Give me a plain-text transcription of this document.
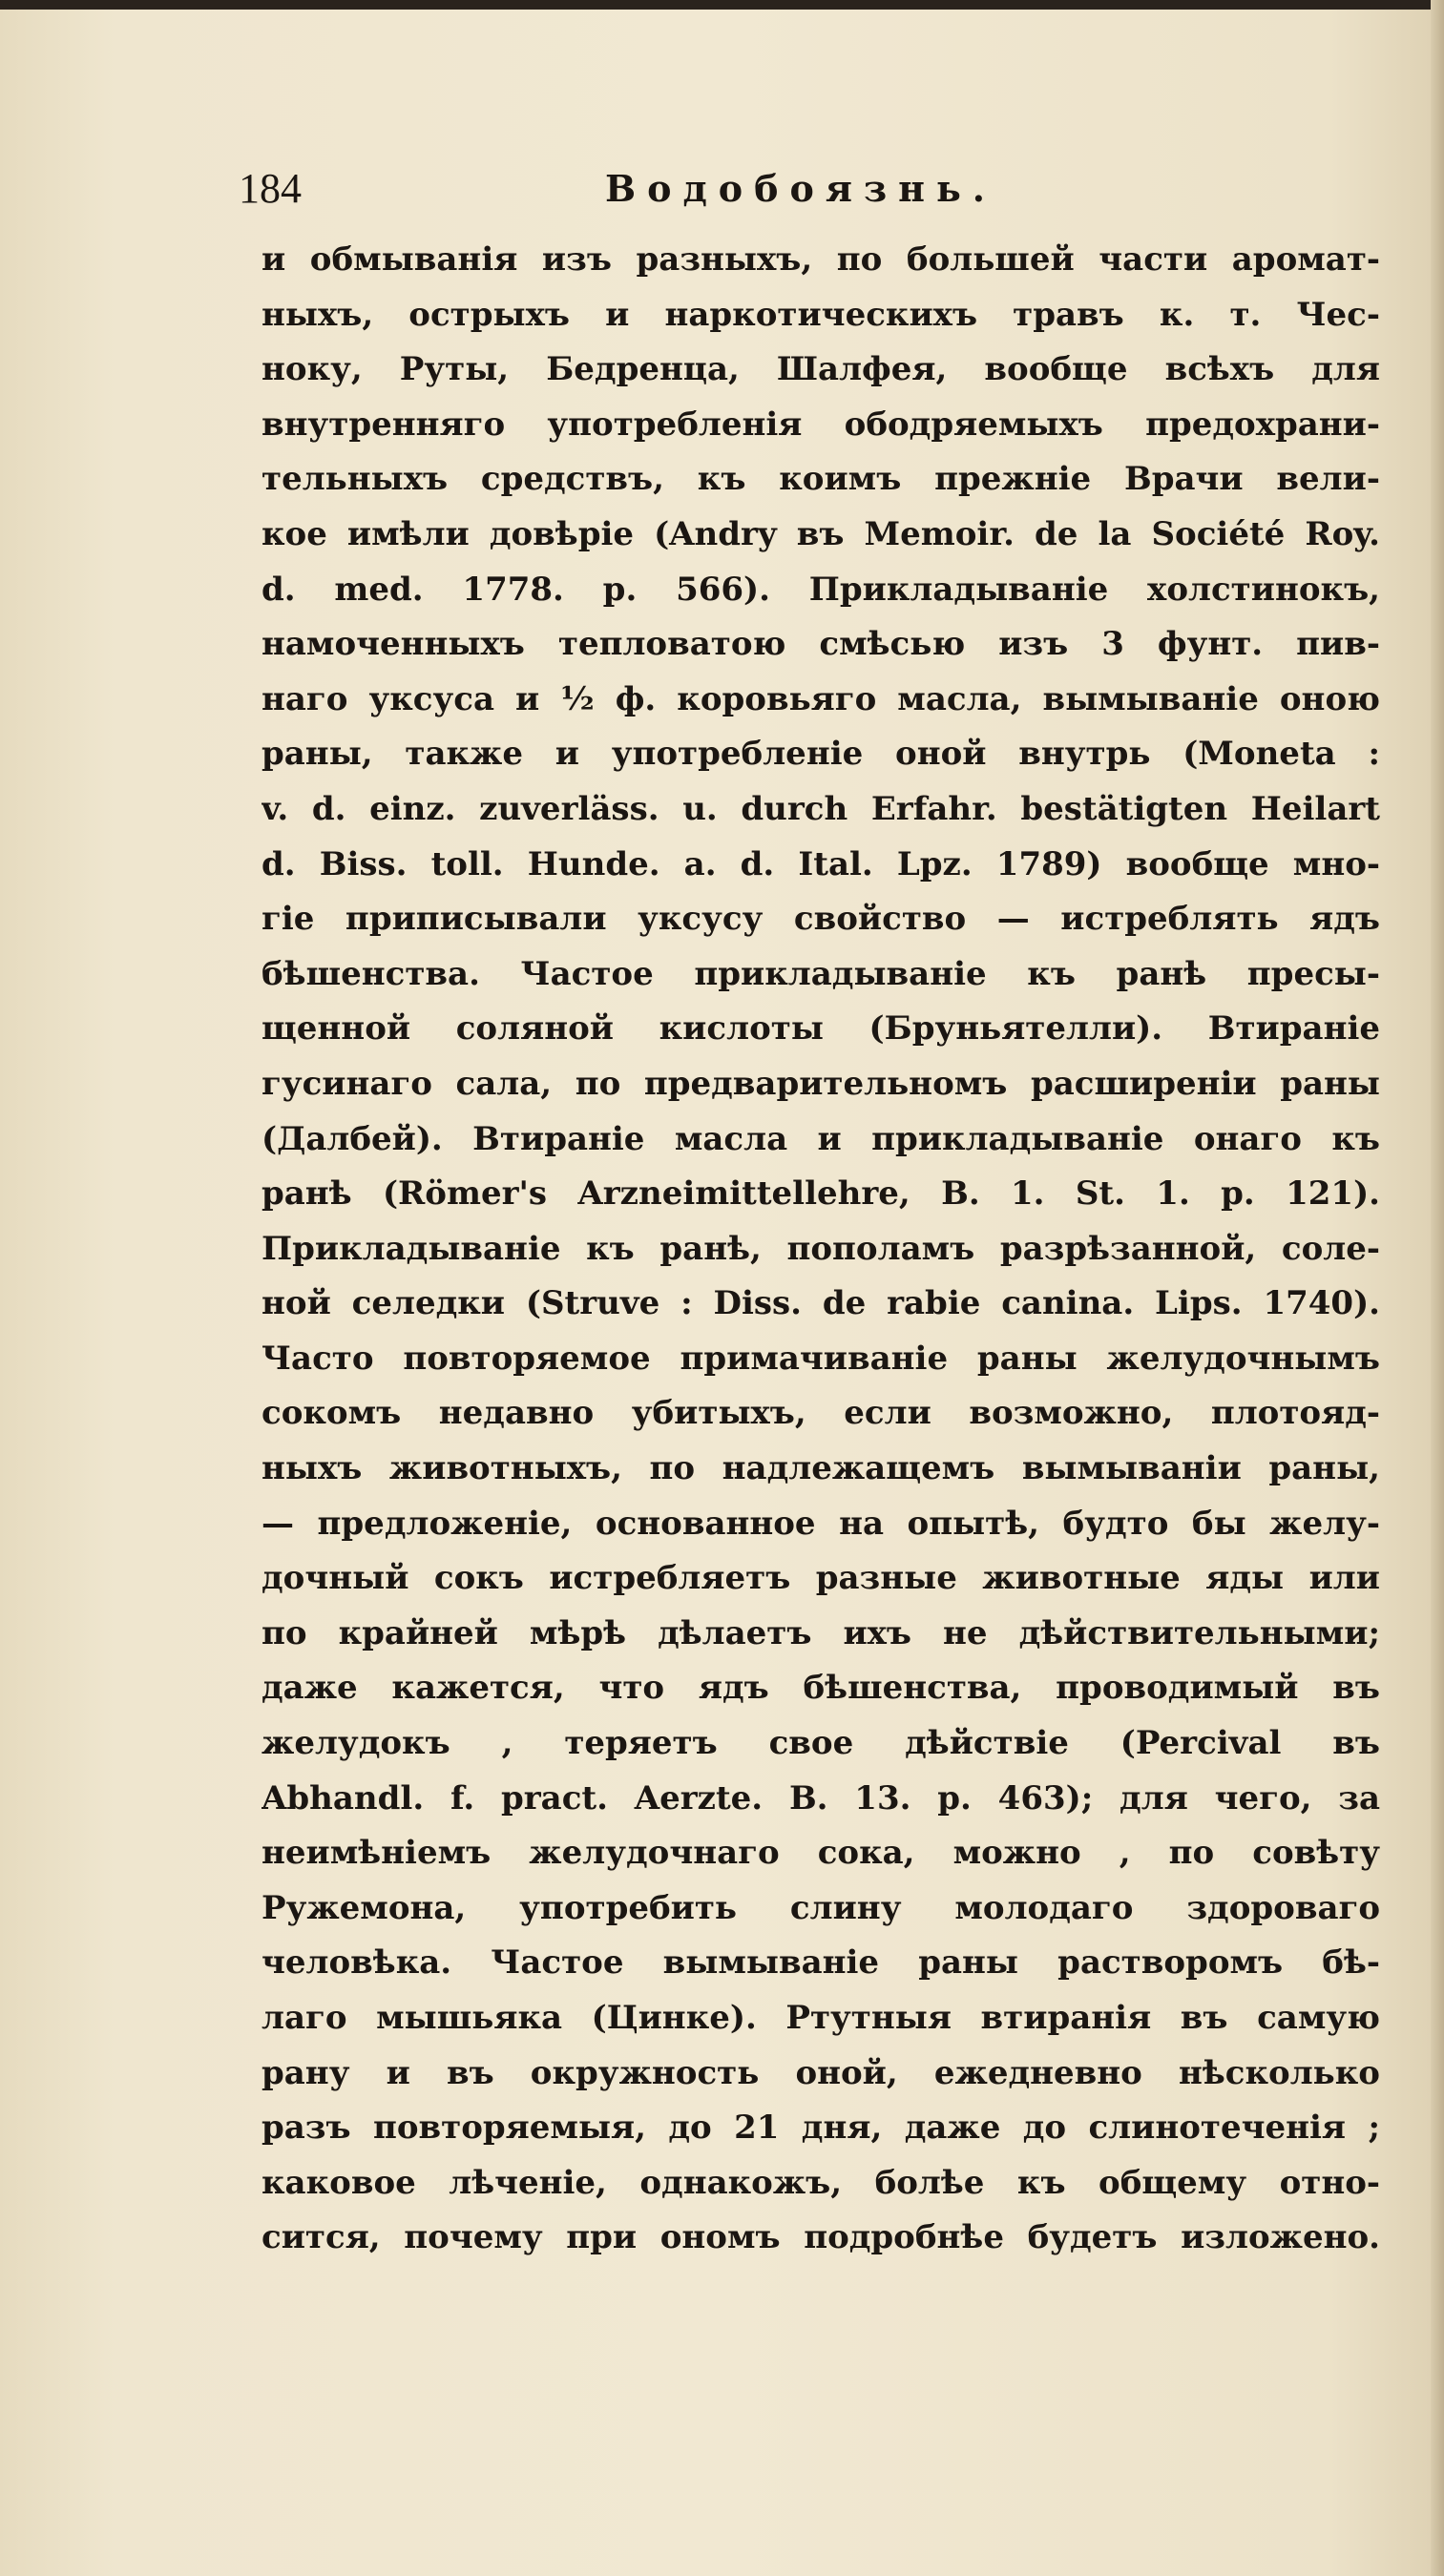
184	Водобоязнь.
и обмыванія изъ разныхъ, по большей части аромат-
ныхъ, острыхъ и наркотическихъ травъ к. т. Чес-
ноку, Руты, Бедренца, Шалфея, вообще всѣхъ для
внутренняго употребленія ободряемыхъ предохрани-
тельныхъ средствъ, къ коимъ прежніе Врачи вели-
кое имѣли довѣріе (Andry въ Memoir. de la Société Roy.
d. med. 1778. p. 566). Прикладываніе холстинокъ,
намоченныхъ тепловатою смѣсью изъ 3 фунт. пив-
наго уксуса и ½ ф. коровьяго масла, вымываніе оною
раны, также и употребленіе оной внутрь (Moneta :
v. d. einz. zuverläss. u. durch Erfahr. bestätigten Heilart
d. Biss. toll. Hunde. a. d. Ital. Lpz. 1789) вообще мно-
гіе приписывали уксусу свойство — истреблять ядъ
бѣшенства. Частое прикладываніе къ ранѣ пресы-
щенной соляной кислоты (Бруньятелли). Втираніе
гусинаго сала, по предварительномъ расширеніи раны
(Далбей). Втираніе масла и прикладываніе онаго къ
ранѣ (Römer's Arzneimittellehre, B. 1. St. 1. p. 121).
Прикладываніе къ ранѣ, пополамъ разрѣзанной, соле-
ной селедки (Struve : Diss. de rabie canina. Lips. 1740).
Часто повторяемое примачиваніе раны желудочнымъ
сокомъ недавно убитыхъ, если возможно, плотояд-
ныхъ животныхъ, по надлежащемъ вымываніи раны,
— предложеніе, основанное на опытѣ, будто бы желу-
дочный сокъ истребляетъ разные животные яды или
по крайней мѣрѣ дѣлаетъ ихъ не дѣйствительными;
даже кажется, что ядъ бѣшенства, проводимый въ
желудокъ , теряетъ свое дѣйствіе (Percival въ
Abhandl. f. pract. Aerzte. B. 13. p. 463); для чего, за
неимѣніемъ желудочнаго сока, можно , по совѣту
Ружемона, употребить слину молодаго здороваго
человѣка. Частое вымываніе раны растворомъ бѣ-
лаго мышьяка (Цинке). Ртутныя втиранія въ самую
рану и въ окружность оной, ежедневно нѣсколько
разъ повторяемыя, до 21 дня, даже до слинотеченія ;
каковое лѣченіе, однакожъ, болѣе къ общему отно-
сится, почему при ономъ подробнѣе будетъ изложено.
